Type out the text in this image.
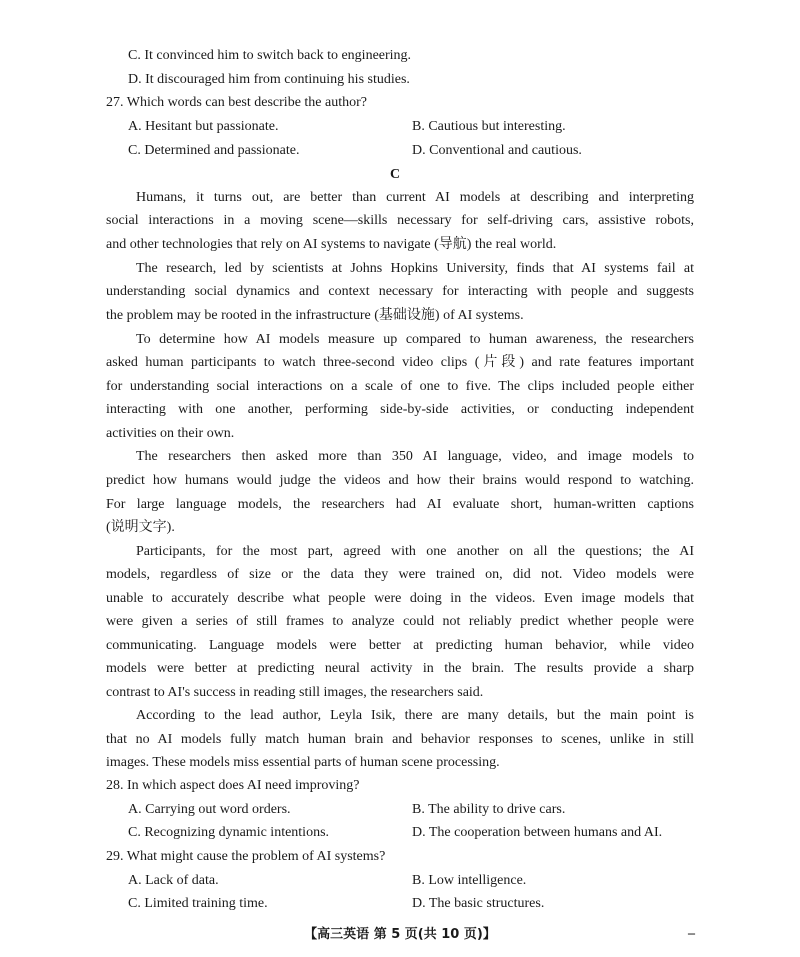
C. It convinced him to switch back to engineering.
D. It discouraged him from continuing his studies.
27. Which words can best describe the author?
A. Hesitant but passionate.	B. Cautious but interesting.
C. Determined and passionate.	D. Conventional and cautious.
C
Humans, it turns out, are better than current AI models at describing and interpreting
social interactions in a moving scene—skills necessary for self-driving cars, assistive robots,
and other technologies that rely on AI systems to navigate (导航) the real world.
The research, led by scientists at Johns Hopkins University, finds that AI systems fail at
understanding social dynamics and context necessary for interacting with people and suggests
the problem may be rooted in the infrastructure (基础设施) of AI systems.
To determine how AI models measure up compared to human awareness, the researchers
asked human participants to watch three-second video clips (片段) and rate features important
for understanding social interactions on a scale of one to five. The clips included people either
interacting with one another, performing side-by-side activities, or conducting independent
activities on their own.
The researchers then asked more than 350 AI language, video, and image models to
predict how humans would judge the videos and how their brains would respond to watching.
For large language models, the researchers had AI evaluate short, human-written captions
(说明文字).
Participants, for the most part, agreed with one another on all the questions; the AI
models, regardless of size or the data they were trained on, did not. Video models were
unable to accurately describe what people were doing in the videos. Even image models that
were given a series of still frames to analyze could not reliably predict whether people were
communicating. Language models were better at predicting human behavior, while video
models were better at predicting neural activity in the brain. The results provide a sharp
contrast to AI's success in reading still images, the researchers said.
According to the lead author, Leyla Isik, there are many details, but the main point is
that no AI models fully match human brain and behavior responses to scenes, unlike in still
images. These models miss essential parts of human scene processing.
28. In which aspect does AI need improving?
A. Carrying out word orders.	B. The ability to drive cars.
C. Recognizing dynamic intentions.	D. The cooperation between humans and AI.
29. What might cause the problem of AI systems?
A. Lack of data.	B. Low intelligence.
C. Limited training time.	D. The basic structures.
【高三英语 第 5 页(共 10 页)】	–
